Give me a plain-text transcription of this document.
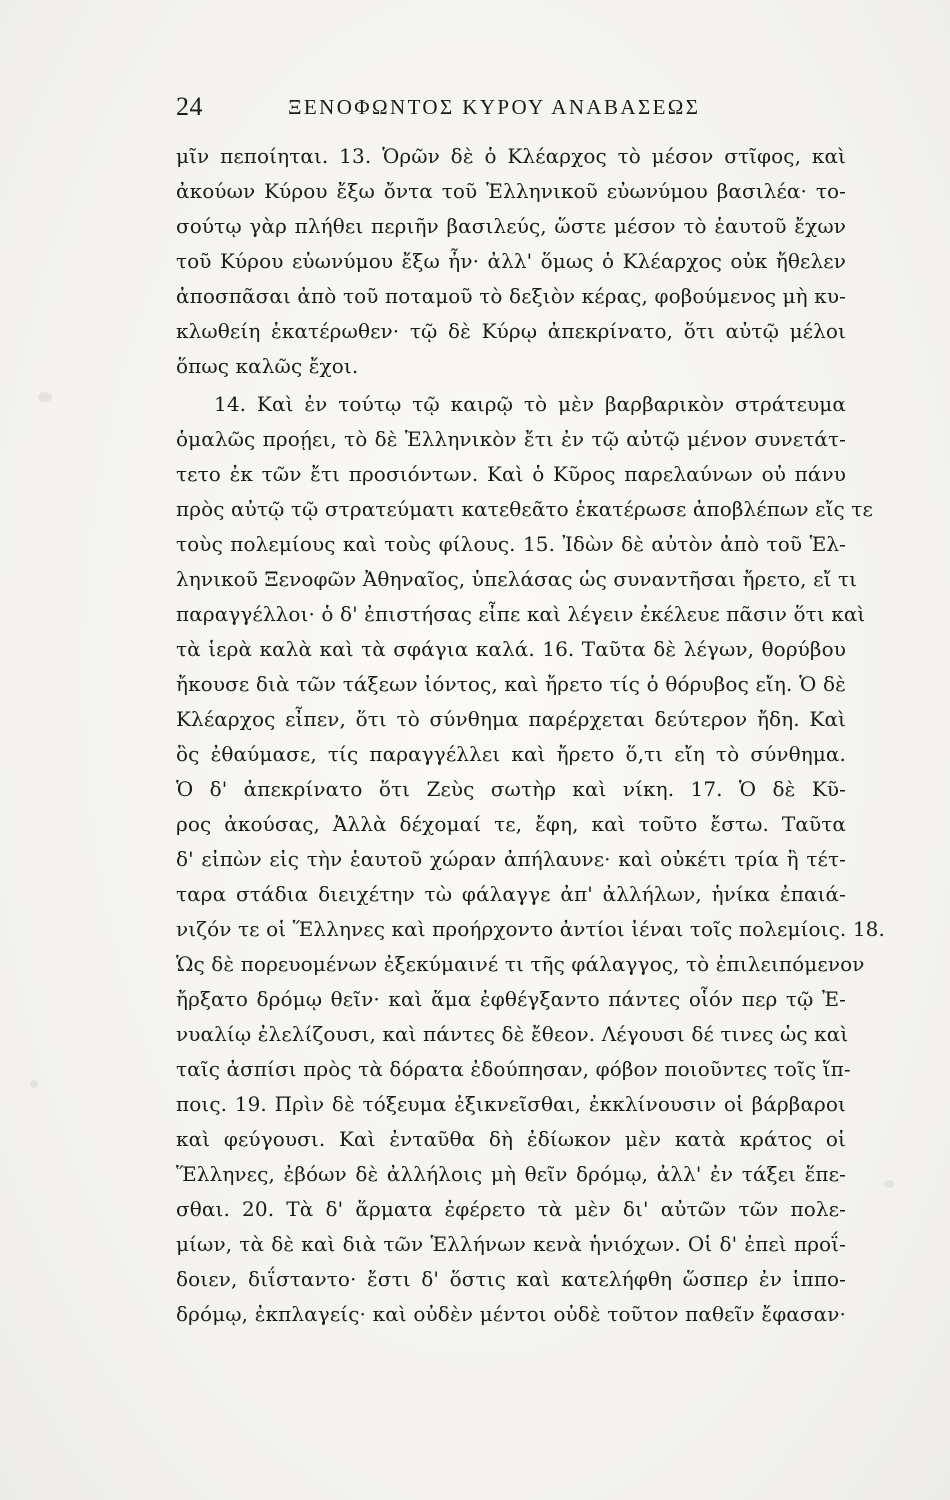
24	ΞΕΝΟΦΩΝΤΟΣ ΚΥΡΟΥ ΑΝΑΒΑΣΕΩΣ
μῖν πεποίηται. 13. Ὁρῶν δὲ ὁ Κλέαρχος τὸ μέσον στῖφος, καὶ
ἀκούων Κύρου ἔξω ὄντα τοῦ Ἑλληνικοῦ εὐωνύμου βασιλέα· το-
σούτῳ γὰρ πλήθει περιῆν βασιλεύς, ὥστε μέσον τὸ ἑαυτοῦ ἔχων
τοῦ Κύρου εὐωνύμου ἔξω ἦν· ἀλλ' ὅμως ὁ Κλέαρχος οὐκ ἤθελεν
ἀποσπᾶσαι ἀπὸ τοῦ ποταμοῦ τὸ δεξιὸν κέρας, φοβούμενος μὴ κυ-
κλωθείη ἑκατέρωθεν· τῷ δὲ Κύρῳ ἀπεκρίνατο, ὅτι αὐτῷ μέλοι
ὅπως καλῶς ἔχοι.
14. Καὶ ἐν τούτῳ τῷ καιρῷ τὸ μὲν βαρβαρικὸν στράτευμα
ὁμαλῶς προῄει, τὸ δὲ Ἑλληνικὸν ἔτι ἐν τῷ αὐτῷ μένον συνετάτ-
τετο ἐκ τῶν ἔτι προσιόντων. Καὶ ὁ Κῦρος παρελαύνων οὐ πάνυ
πρὸς αὐτῷ τῷ στρατεύματι κατεθεᾶτο ἑκατέρωσε ἀποβλέπων εἴς τε
τοὺς πολεμίους καὶ τοὺς φίλους. 15. Ἰδὼν δὲ αὐτὸν ἀπὸ τοῦ Ἑλ-
ληνικοῦ Ξενοφῶν Ἀθηναῖος, ὑπελάσας ὡς συναντῆσαι ἤρετο, εἴ τι
παραγγέλλοι· ὁ δ' ἐπιστήσας εἶπε καὶ λέγειν ἐκέλευε πᾶσιν ὅτι καὶ
τὰ ἱερὰ καλὰ καὶ τὰ σφάγια καλά. 16. Ταῦτα δὲ λέγων, θορύβου
ἤκουσε διὰ τῶν τάξεων ἰόντος, καὶ ἤρετο τίς ὁ θόρυβος εἴη. Ὁ δὲ
Κλέαρχος εἶπεν, ὅτι τὸ σύνθημα παρέρχεται δεύτερον ἤδη. Καὶ
ὃς ἐθαύμασε, τίς παραγγέλλει καὶ ἤρετο ὅ,τι εἴη τὸ σύνθημα.
Ὁ δ' ἀπεκρίνατο ὅτι Ζεὺς σωτὴρ καὶ νίκη. 17. Ὁ δὲ Κῦ-
ρος ἀκούσας, Ἀλλὰ δέχομαί τε, ἔφη, καὶ τοῦτο ἔστω. Ταῦτα
δ' εἰπὼν εἰς τὴν ἑαυτοῦ χώραν ἀπήλαυνε· καὶ οὐκέτι τρία ἢ τέτ-
ταρα στάδια διειχέτην τὼ φάλαγγε ἀπ' ἀλλήλων, ἡνίκα ἐπαιά-
νιζόν τε οἱ Ἕλληνες καὶ προήρχοντο ἀντίοι ἰέναι τοῖς πολεμίοις. 18.
Ὡς δὲ πορευομένων ἐξεκύμαινέ τι τῆς φάλαγγος, τὸ ἐπιλειπόμενον
ἤρξατο δρόμῳ θεῖν· καὶ ἅμα ἐφθέγξαντο πάντες οἷόν περ τῷ Ἐ-
νυαλίῳ ἐλελίζουσι, καὶ πάντες δὲ ἔθεον. Λέγουσι δέ τινες ὡς καὶ
ταῖς ἀσπίσι πρὸς τὰ δόρατα ἐδούπησαν, φόβον ποιοῦντες τοῖς ἵπ-
ποις. 19. Πρὶν δὲ τόξευμα ἐξικνεῖσθαι, ἐκκλίνουσιν οἱ βάρβαροι
καὶ φεύγουσι. Καὶ ἐνταῦθα δὴ ἐδίωκον μὲν κατὰ κράτος οἱ
Ἕλληνες, ἐβόων δὲ ἀλλήλοις μὴ θεῖν δρόμῳ, ἀλλ' ἐν τάξει ἕπε-
σθαι. 20. Τὰ δ' ἅρματα ἐφέρετο τὰ μὲν δι' αὐτῶν τῶν πολε-
μίων, τὰ δὲ καὶ διὰ τῶν Ἑλλήνων κενὰ ἡνιόχων. Οἱ δ' ἐπεὶ προΐ-
δοιεν, διΐσταντο· ἔστι δ' ὅστις καὶ κατελήφθη ὥσπερ ἐν ἱππο-
δρόμῳ, ἐκπλαγείς· καὶ οὐδὲν μέντοι οὐδὲ τοῦτον παθεῖν ἔφασαν·
